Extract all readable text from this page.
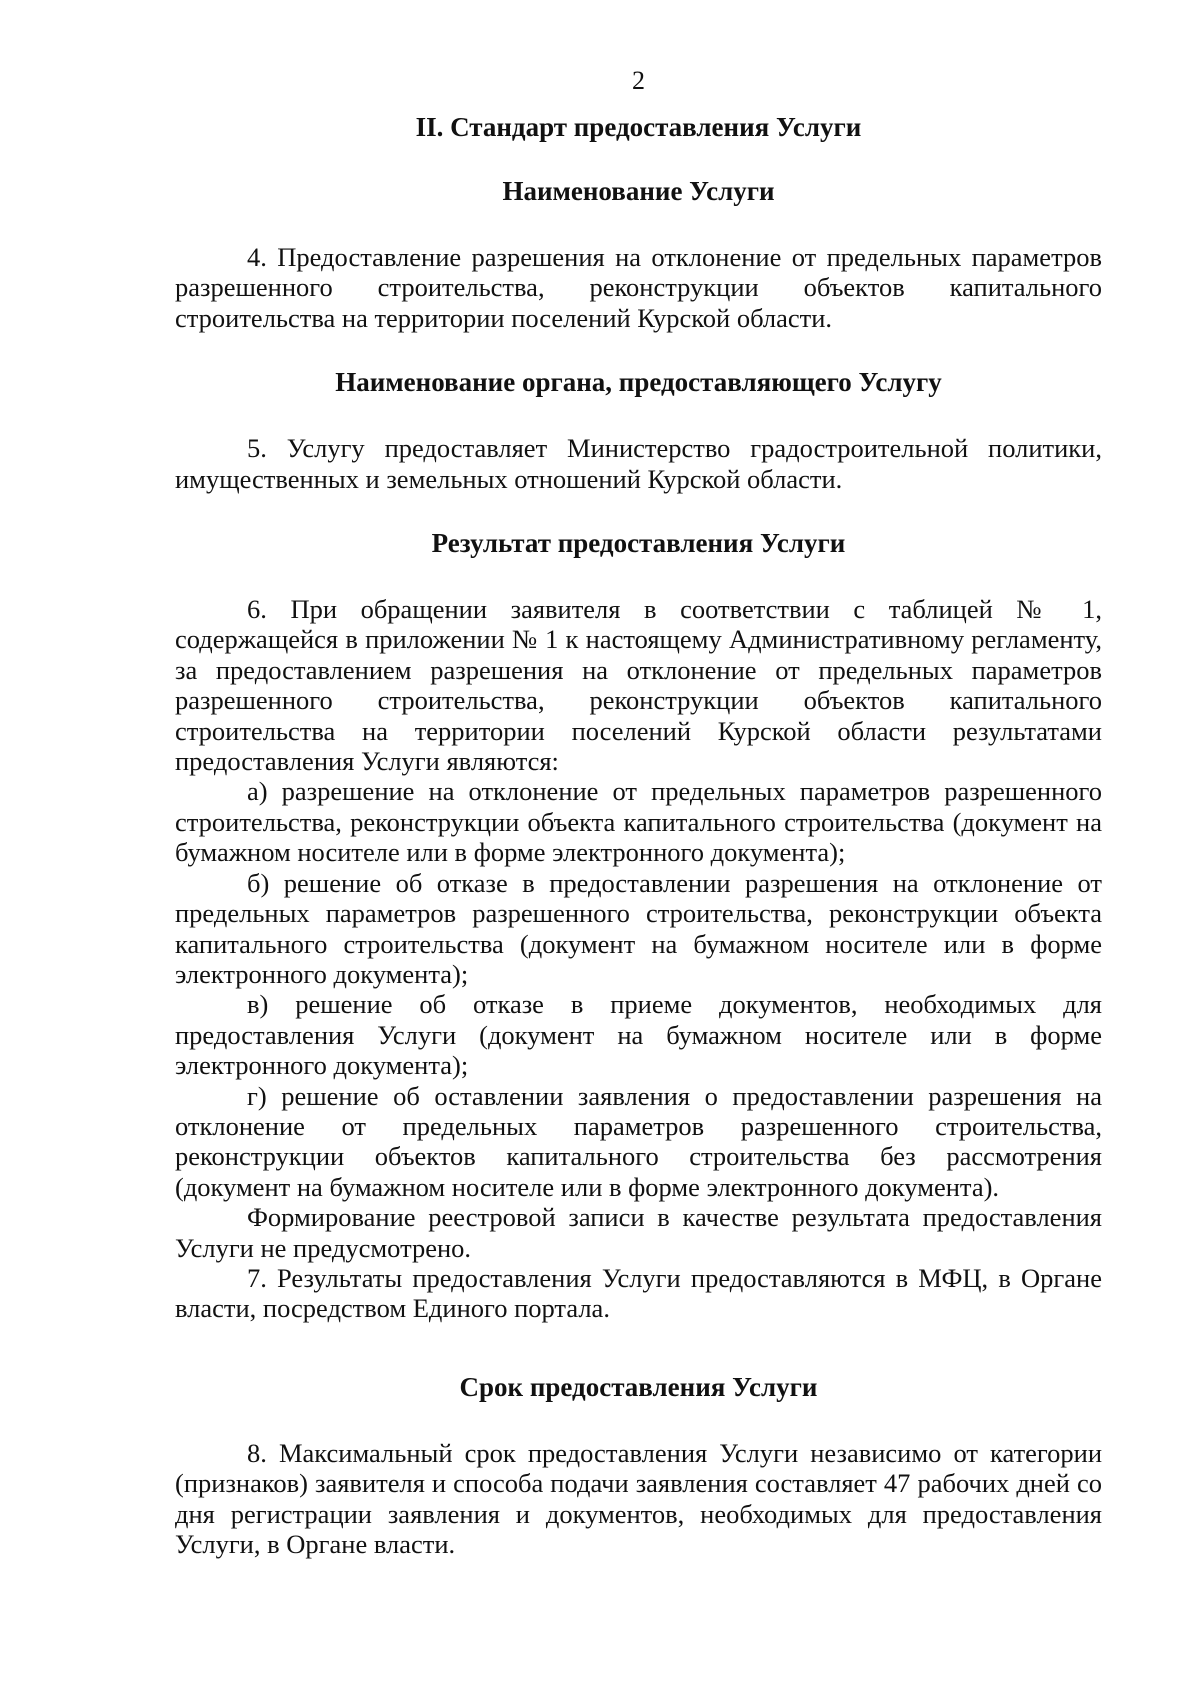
2
II. Стандарт предоставления Услуги
Наименование Услуги

4. Предоставление разрешения на отклонение от предельных параметров разрешенного строительства, реконструкции объектов капитального строительства на территории поселений Курской области.

Наименование органа, предоставляющего Услугу

5. Услугу предоставляет Министерство градостроительной политики, имущественных и земельных отношений Курской области.

Результат предоставления Услуги

6. При обращении заявителя в соответствии с таблицей № 1, содержащейся в приложении № 1 к настоящему Административному регламенту, за предоставлением разрешения на отклонение от предельных параметров разрешенного строительства, реконструкции объектов капитального строительства на территории поселений Курской области результатами предоставления Услуги являются:

а) разрешение на отклонение от предельных параметров разрешенного строительства, реконструкции объекта капитального строительства (документ на бумажном носителе или в форме электронного документа);

б) решение об отказе в предоставлении разрешения на отклонение от предельных параметров разрешенного строительства, реконструкции объекта капитального строительства (документ на бумажном носителе или в форме электронного документа);

в) решение об отказе в приеме документов, необходимых для предоставления Услуги (документ на бумажном носителе или в форме электронного документа);

г) решение об оставлении заявления о предоставлении разрешения на отклонение от предельных параметров разрешенного строительства, реконструкции объектов капитального строительства без рассмотрения (документ на бумажном носителе или в форме электронного документа).

Формирование реестровой записи в качестве результата предоставления Услуги не предусмотрено.

7. Результаты предоставления Услуги предоставляются в МФЦ, в Органе власти, посредством Единого портала.

Срок предоставления Услуги

8. Максимальный срок предоставления Услуги независимо от категории (признаков) заявителя и способа подачи заявления составляет 47 рабочих дней со дня регистрации заявления и документов, необходимых для предоставления Услуги, в Органе власти.
